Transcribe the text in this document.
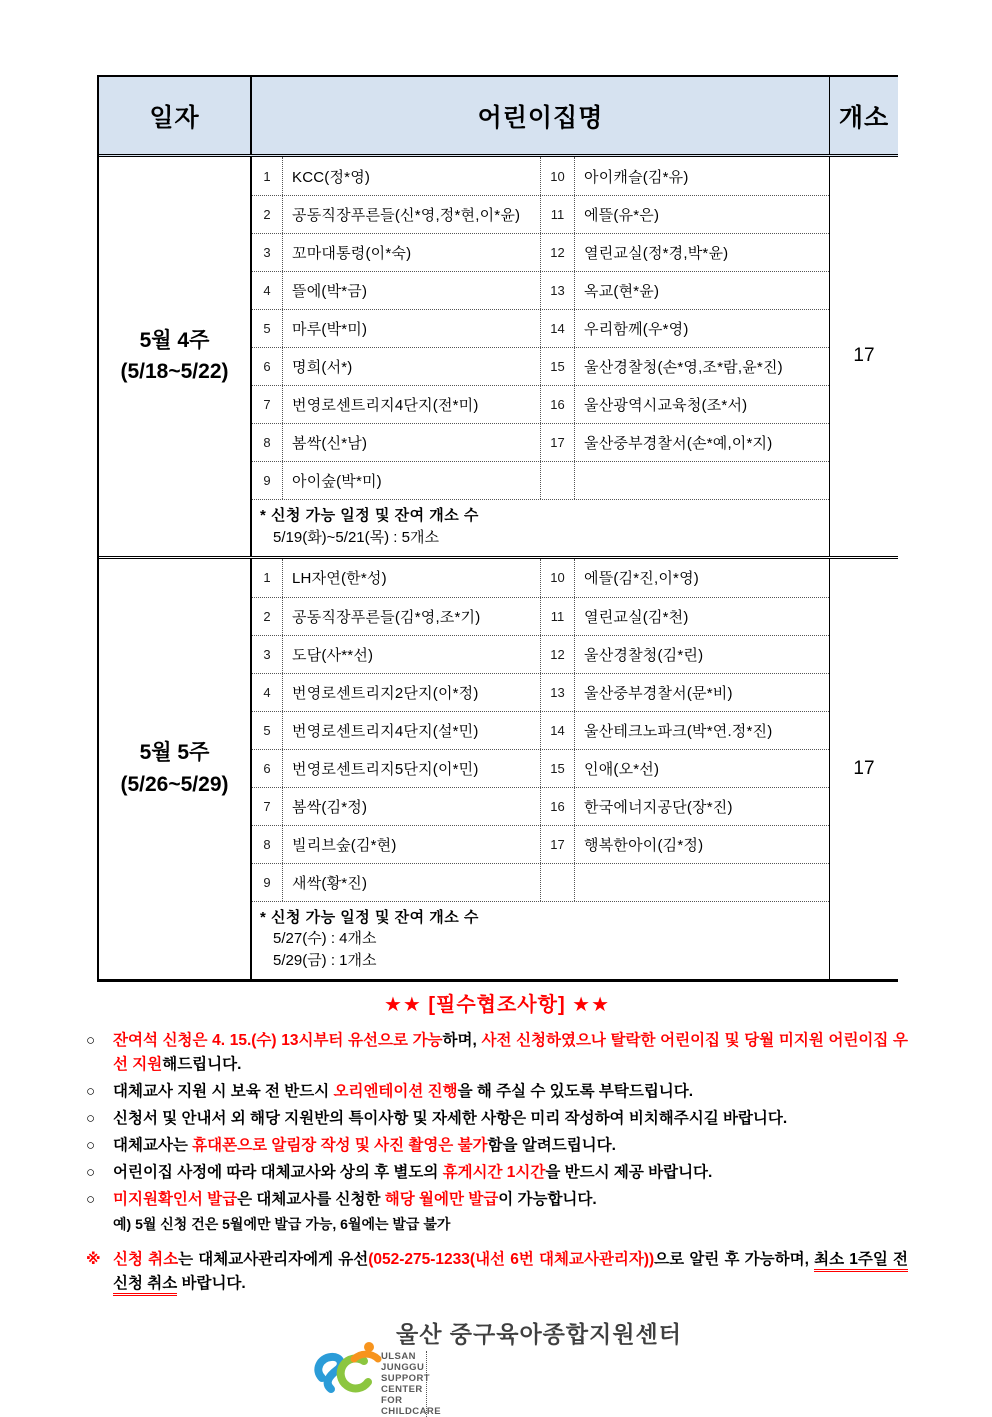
일자	어린이집명	개소
5월 4주
(5/18~5/22)
1	KCC(정*영)	10	아이캐슬(김*유)
2	공동직장푸른들(신*영,정*현,이*윤)	11	에뜰(유*은)
3	꼬마대통령(이*숙)	12	열린교실(정*경,박*윤)
4	뜰에(박*금)	13	옥교(현*윤)
5	마루(박*미)	14	우리함께(우*영)
6	명희(서*)	15	울산경찰청(손*영,조*람,윤*진)
7	번영로센트리지4단지(전*미)	16	울산광역시교육청(조*서)
8	봄싹(신*남)	17	울산중부경찰서(손*예,이*지)
9	아이숲(박*미)
* 신청 가능 일정 및 잔여 개소 수
5/19(화)~5/21(목) : 5개소
17
5월 5주
(5/26~5/29)
1	LH자연(한*성)	10	에뜰(김*진,이*영)
2	공동직장푸른들(김*영,조*기)	11	열린교실(김*천)
3	도담(사**선)	12	울산경찰청(김*린)
4	번영로센트리지2단지(이*정)	13	울산중부경찰서(문*비)
5	번영로센트리지4단지(설*민)	14	울산테크노파크(박*연.정*진)
6	번영로센트리지5단지(이*민)	15	인애(오*선)
7	봄싹(김*정)	16	한국에너지공단(장*진)
8	빌리브숲(김*현)	17	행복한아이(김*정)
9	새싹(황*진)
* 신청 가능 일정 및 잔여 개소 수
5/27(수) : 4개소
5/29(금) : 1개소
17
★★ [필수협조사항] ★★
○	잔여석 신청은 4. 15.(수) 13시부터 유선으로 가능하며, 사전 신청하였으나 탈락한 어린이집 및 당월 미지원 어린이집 우선 지원해드립니다.
○	대체교사 지원 시 보육 전 반드시 오리엔테이션 진행을 해 주실 수 있도록 부탁드립니다.
○	신청서 및 안내서 외 해당 지원반의 특이사항 및 자세한 사항은 미리 작성하여 비치해주시길 바랍니다.
○	대체교사는 휴대폰으로 알림장 작성 및 사진 촬영은 불가함을 알려드립니다.
○	어린이집 사정에 따라 대체교사와 상의 후 별도의 휴게시간 1시간을 반드시 제공 바랍니다.
○	미지원확인서 발급은 대체교사를 신청한 해당 월에만 발급이 가능합니다.
예) 5월 신청 건은 5월에만 발급 가능, 6월에는 발급 불가
※ 신청 취소는 대체교사관리자에게 유선(052-275-1233(내선 6번 대체교사관리자))으로 알린 후 가능하며, 최소 1주일 전 신청 취소 바랍니다.
울산 중구육아종합지원센터
ULSAN JUNGGU SUPPORT CENTER FOR CHILDCARE
